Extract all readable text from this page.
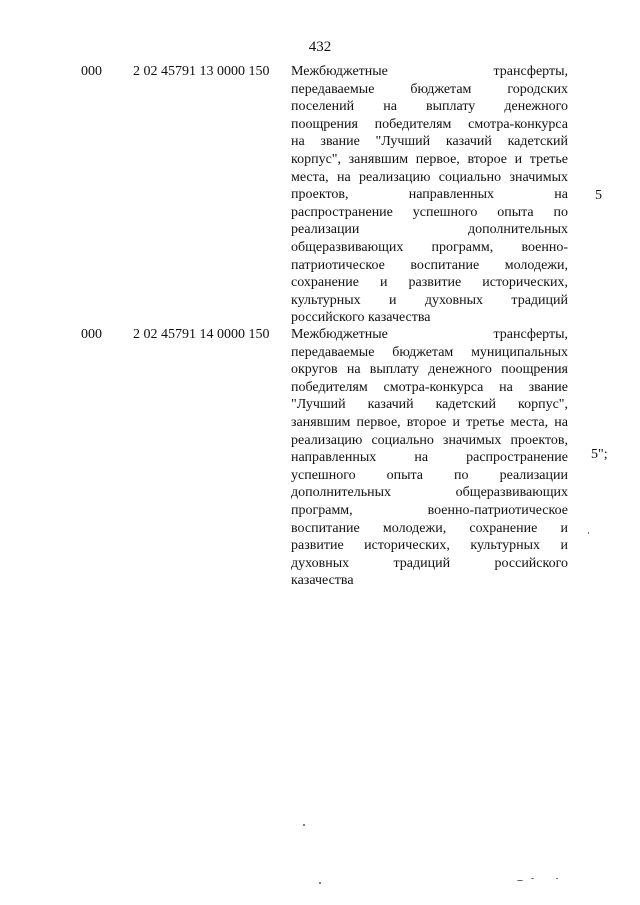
432
000 2 02 45791 13 0000 150 Межбюджетные трансферты,
передаваемые бюджетам городских
поселений на выплату денежного
поощрения победителям смотра-конкурса
на звание "Лучший казачий кадетский
корпус", занявшим первое, второе и третье
места, на реализацию социально значимых
проектов, направленных на
распространение успешного опыта по
реализации дополнительных
общеразвивающих программ, военно-
патриотическое воспитание молодежи,
сохранение и развитие исторических,
культурных и духовных традиций
российского казачества
5
000 2 02 45791 14 0000 150 Межбюджетные трансферты,
передаваемые бюджетам муниципальных
округов на выплату денежного поощрения
победителям смотра-конкурса на звание
"Лучший казачий кадетский корпус",
занявшим первое, второе и третье места, на
реализацию социально значимых проектов,
направленных на распространение
успешного опыта по реализации
дополнительных общеразвивающих
программ, военно-патриотическое
воспитание молодежи, сохранение и
развитие исторических, культурных и
духовных традиций российского
казачества
5";
